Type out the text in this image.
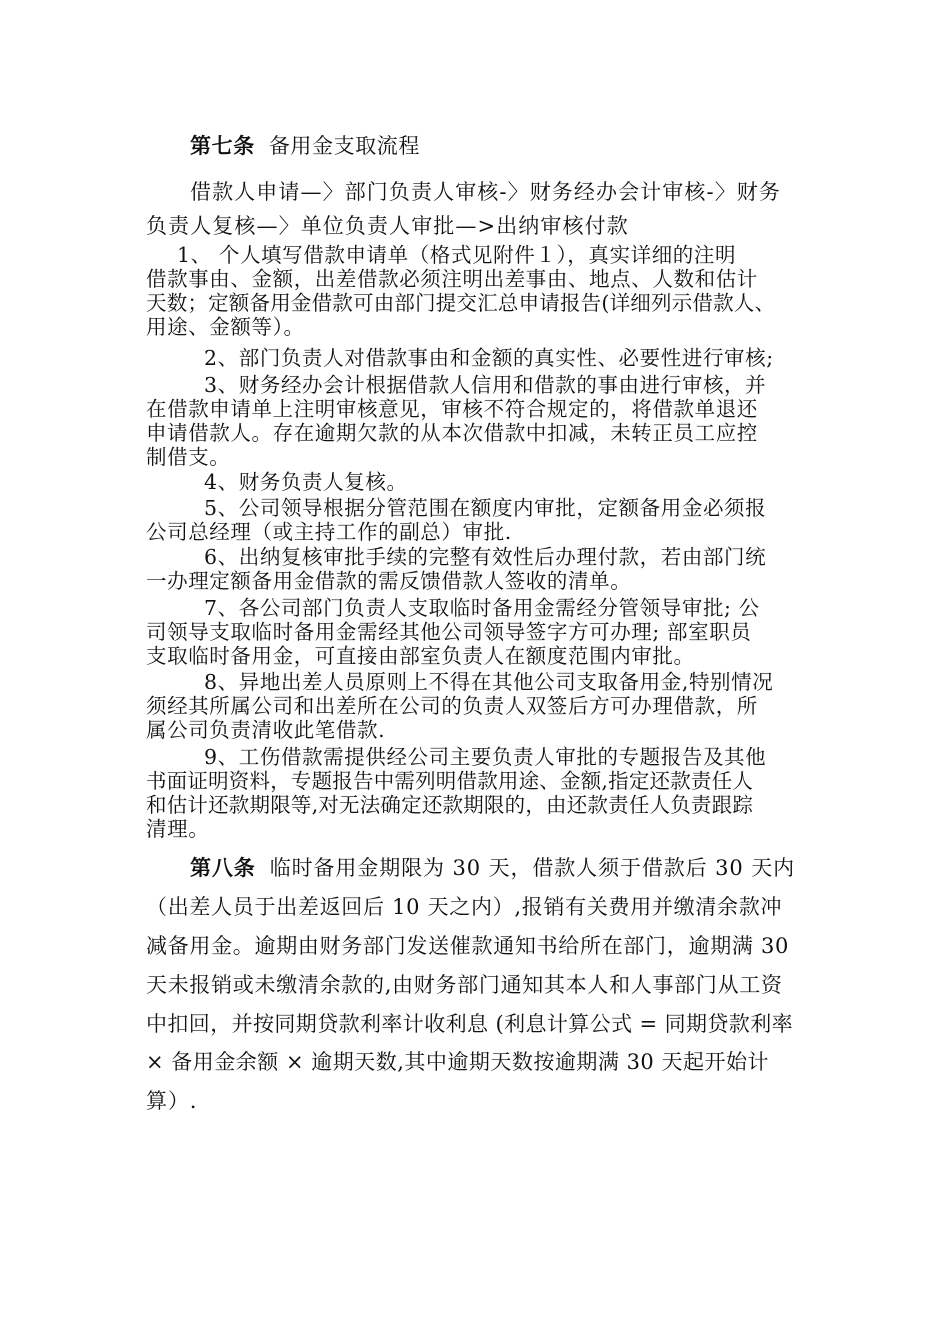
第七条 备用金支取流程
借款人申请—〉部门负责人审核-〉财务经办会计审核-〉财务
负责人复核—〉单位负责人审批—>出纳审核付款
1、 个人填写借款申请单（格式见附件１），真实详细的注明
借款事由、金额，出差借款必须注明出差事由、地点、人数和估计
天数；定额备用金借款可由部门提交汇总申请报告(详细列示借款人、
用途、金额等）。
2、部门负责人对借款事由和金额的真实性、必要性进行审核;
3、财务经办会计根据借款人信用和借款的事由进行审核，并
在借款申请单上注明审核意见，审核不符合规定的，将借款单退还
申请借款人。存在逾期欠款的从本次借款中扣减，未转正员工应控
制借支。
4、财务负责人复核。
5、公司领导根据分管范围在额度内审批，定额备用金必须报
公司总经理（或主持工作的副总）审批.
6、出纳复核审批手续的完整有效性后办理付款，若由部门统
一办理定额备用金借款的需反馈借款人签收的清单。
7、各公司部门负责人支取临时备用金需经分管领导审批; 公
司领导支取临时备用金需经其他公司领导签字方可办理; 部室职员
支取临时备用金，可直接由部室负责人在额度范围内审批。
8、异地出差人员原则上不得在其他公司支取备用金,特别情况
须经其所属公司和出差所在公司的负责人双签后方可办理借款，所
属公司负责清收此笔借款.
9、工伤借款需提供经公司主要负责人审批的专题报告及其他
书面证明资料，专题报告中需列明借款用途、金额,指定还款责任人
和估计还款期限等,对无法确定还款期限的，由还款责任人负责跟踪
清理。
第八条 临时备用金期限为 30 天，借款人须于借款后 30 天内
（出差人员于出差返回后 10 天之内）,报销有关费用并缴清余款冲
减备用金。逾期由财务部门发送催款通知书给所在部门，逾期满 30
天未报销或未缴清余款的,由财务部门通知其本人和人事部门从工资
中扣回，并按同期贷款利率计收利息 (利息计算公式 = 同期贷款利率
× 备用金余额 × 逾期天数,其中逾期天数按逾期满 30 天起开始计
算）.
